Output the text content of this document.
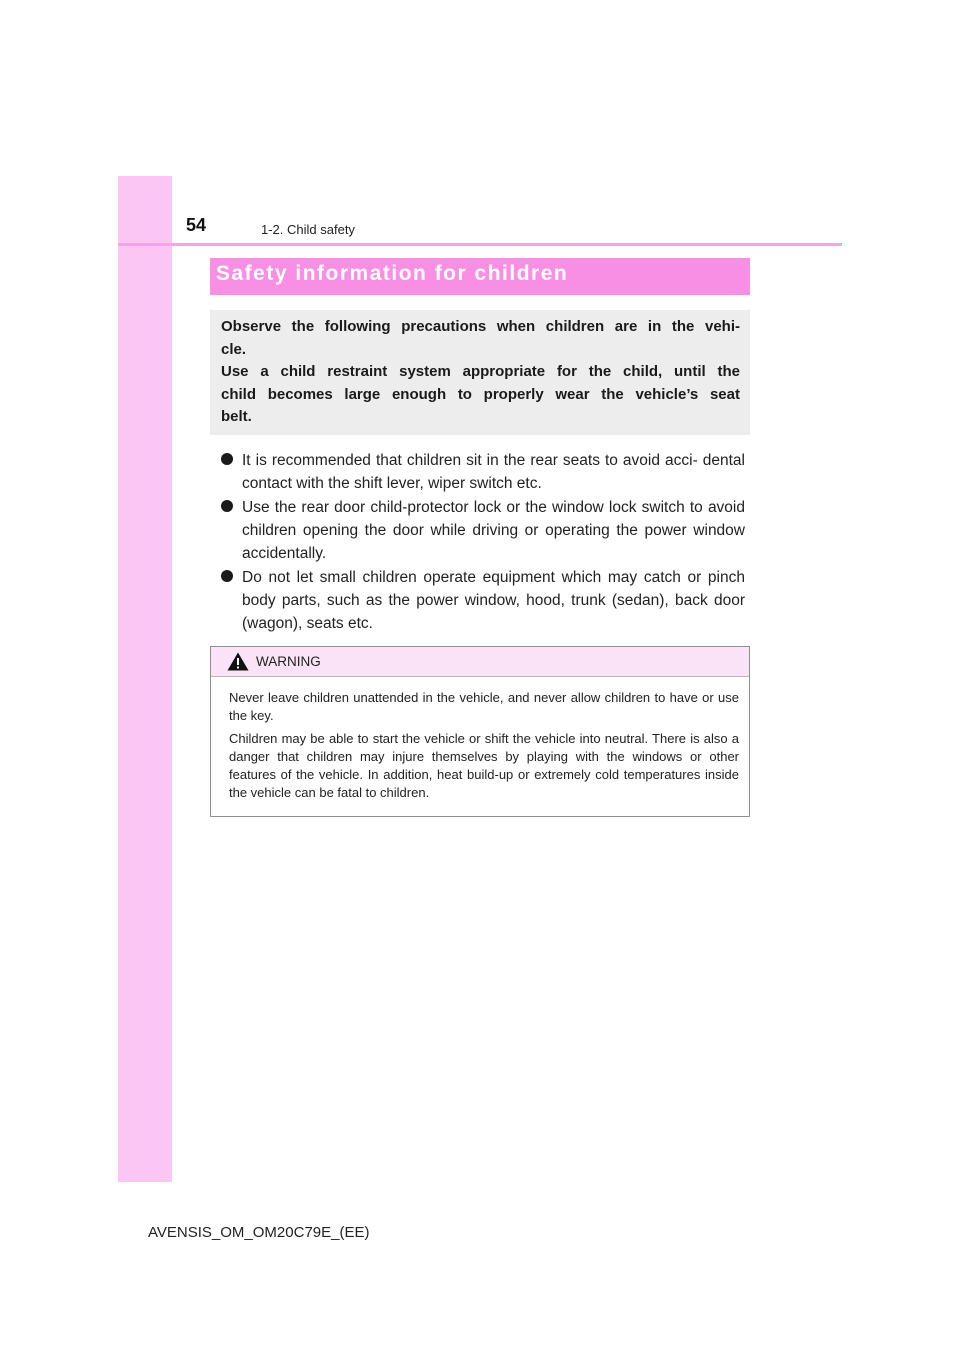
54	1-2. Child safety
Safety information for children

Observe the following precautions when children are in the vehi-

cle.

Use a child restraint system appropriate for the child, until the

child becomes large enough to properly wear the vehicle’s seat

belt.

It is recommended that children sit in the rear seats to avoid acci- dental contact with the shift lever, wiper switch etc.
Use the rear door child-protector lock or the window lock switch to avoid children opening the door while driving or operating the power window accidentally.
Do not let small children operate equipment which may catch or pinch body parts, such as the power window, hood, trunk (sedan), back door (wagon), seats etc.
WARNING

Never leave children unattended in the vehicle, and never allow children to have or use the key.

Children may be able to start the vehicle or shift the vehicle into neutral. There is also a danger that children may injure themselves by playing with the windows or other features of the vehicle. In addition, heat build-up or extremely cold temperatures inside the vehicle can be fatal to children.

AVENSIS_OM_OM20C79E_(EE)
